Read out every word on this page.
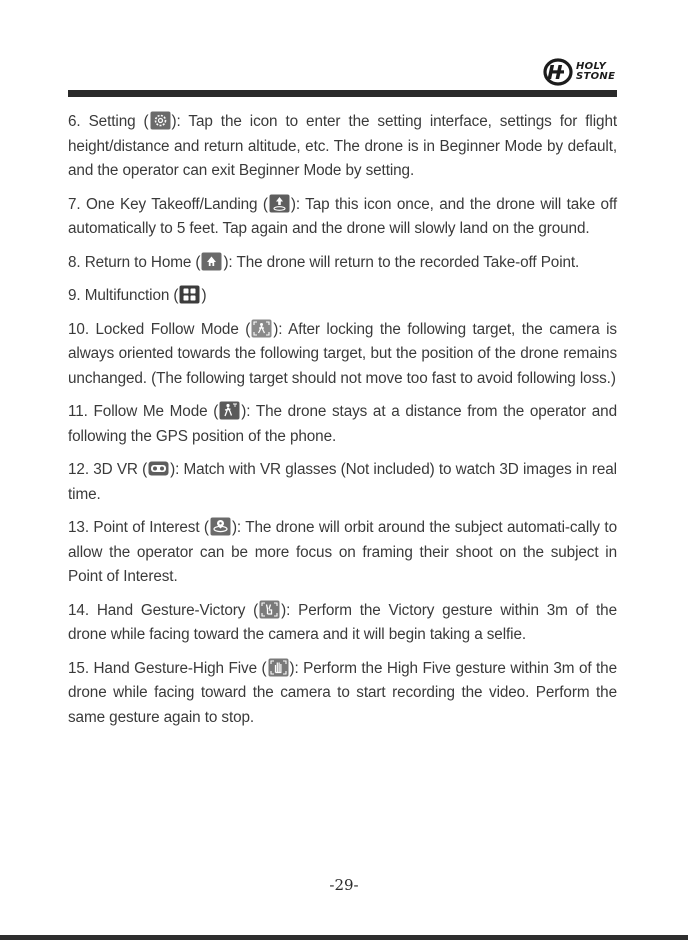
HOLY
STONE

6. Setting ( ): Tap the icon to enter the setting interface, settings for flight height/distance and return altitude, etc. The drone is in Beginner Mode by default, and the operator can exit Beginner Mode by setting.

7. One Key Takeoff/Landing ( ): Tap this icon once, and the drone will take off automatically to 5 feet. Tap again and the drone will slowly land on the ground.

8. Return to Home ( ): The drone will return to the recorded Take-off Point.

9. Multifunction ( )

10. Locked Follow Mode ( ): After locking the following target, the camera is always oriented towards the following target, but the position of the drone remains unchanged. (The following target should not move too fast to avoid following loss.)

11. Follow Me Mode ( ): The drone stays at a distance from the operator and following the GPS position of the phone.

12. 3D VR ( ): Match with VR glasses (Not included) to watch 3D images in real time.

13. Point of Interest ( ): The drone will orbit around the subject automati-cally to allow the operator can be more focus on framing their shoot on the subject in Point of Interest.

14. Hand Gesture-Victory ( ): Perform the Victory gesture within 3m of the drone while facing toward the camera and it will begin taking a selfie.

15. Hand Gesture-High Five ( ): Perform the High Five gesture within 3m of the drone while facing toward the camera to start recording the video. Perform the same gesture again to stop.

-29-
